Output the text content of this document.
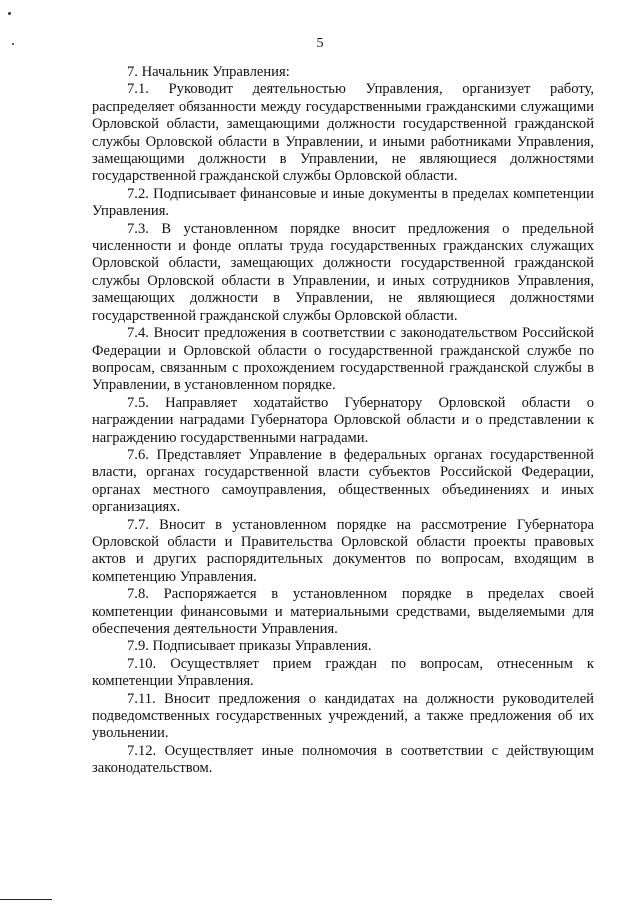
5

7. Начальник Управления:

7.1. Руководит деятельностью Управления, организует работу, распределяет обязанности между государственными гражданскими служащими Орловской области, замещающими должности государственной гражданской службы Орловской области в Управлении, и иными работниками Управления, замещающими должности в Управлении, не являющиеся должностями государственной гражданской службы Орловской области.

7.2. Подписывает финансовые и иные документы в пределах компетенции Управления.

7.3. В установленном порядке вносит предложения о предельной численности и фонде оплаты труда государственных гражданских служащих Орловской области, замещающих должности государственной гражданской службы Орловской области в Управлении, и иных сотрудников Управления, замещающих должности в Управлении, не являющиеся должностями государственной гражданской службы Орловской области.

7.4. Вносит предложения в соответствии с законодательством Российской Федерации и Орловской области о государственной гражданской службе по вопросам, связанным с прохождением государственной гражданской службы в Управлении, в установленном порядке.

7.5. Направляет ходатайство Губернатору Орловской области о награждении наградами Губернатора Орловской области и о представлении к награждению государственными наградами.

7.6. Представляет Управление в федеральных органах государственной власти, органах государственной власти субъектов Российской Федерации, органах местного самоуправления, общественных объединениях и иных организациях.

7.7. Вносит в установленном порядке на рассмотрение Губернатора Орловской области и Правительства Орловской области проекты правовых актов и других распорядительных документов по вопросам, входящим в компетенцию Управления.

7.8. Распоряжается в установленном порядке в пределах своей компетенции финансовыми и материальными средствами, выделяемыми для обеспечения деятельности Управления.

7.9. Подписывает приказы Управления.

7.10. Осуществляет прием граждан по вопросам, отнесенным к компетенции Управления.

7.11. Вносит предложения о кандидатах на должности руководителей подведомственных государственных учреждений, а также предложения об их увольнении.

7.12. Осуществляет иные полномочия в соответствии с действующим законодательством.
